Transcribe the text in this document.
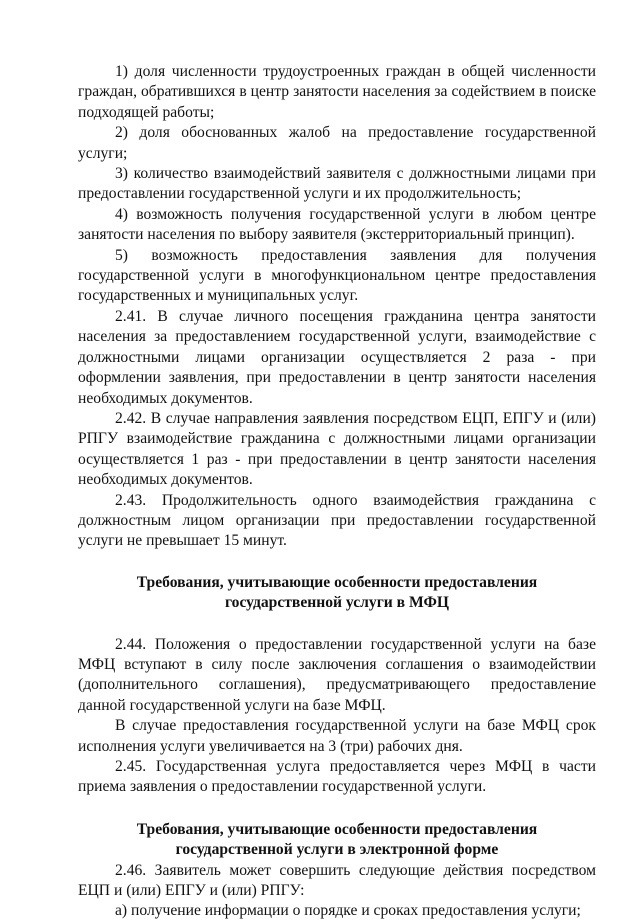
1) доля численности трудоустроенных граждан в общей численности граждан, обратившихся в центр занятости населения за содействием в поиске подходящей работы;

2) доля обоснованных жалоб на предоставление государственной услуги;

3) количество взаимодействий заявителя с должностными лицами при предоставлении государственной услуги и их продолжительность;

4) возможность получения государственной услуги в любом центре занятости населения по выбору заявителя (экстерриториальный принцип).

5) возможность предоставления заявления для получения государственной услуги в многофункциональном центре предоставления государственных и муниципальных услуг.

2.41. В случае личного посещения гражданина центра занятости населения за предоставлением государственной услуги, взаимодействие с должностными лицами организации осуществляется 2 раза - при оформлении заявления, при предоставлении в центр занятости населения необходимых документов.

2.42. В случае направления заявления посредством ЕЦП, ЕПГУ и (или) РПГУ взаимодействие гражданина с должностными лицами организации осуществляется 1 раз - при предоставлении в центр занятости населения необходимых документов.

2.43. Продолжительность одного взаимодействия гражданина с должностным лицом организации при предоставлении государственной услуги не превышает 15 минут.

Требования, учитывающие особенности предоставления государственной услуги в МФЦ

2.44. Положения о предоставлении государственной услуги на базе МФЦ вступают в силу после заключения соглашения о взаимодействии (дополнительного соглашения), предусматривающего предоставление данной государственной услуги на базе МФЦ.

В случае предоставления государственной услуги на базе МФЦ срок исполнения услуги увеличивается на 3 (три) рабочих дня.

2.45. Государственная услуга предоставляется через МФЦ в части приема заявления о предоставлении государственной услуги.

Требования, учитывающие особенности предоставления государственной услуги в электронной форме

2.46. Заявитель может совершить следующие действия посредством ЕЦП и (или) ЕПГУ и (или) РПГУ:

а) получение информации о порядке и сроках предоставления услуги;
